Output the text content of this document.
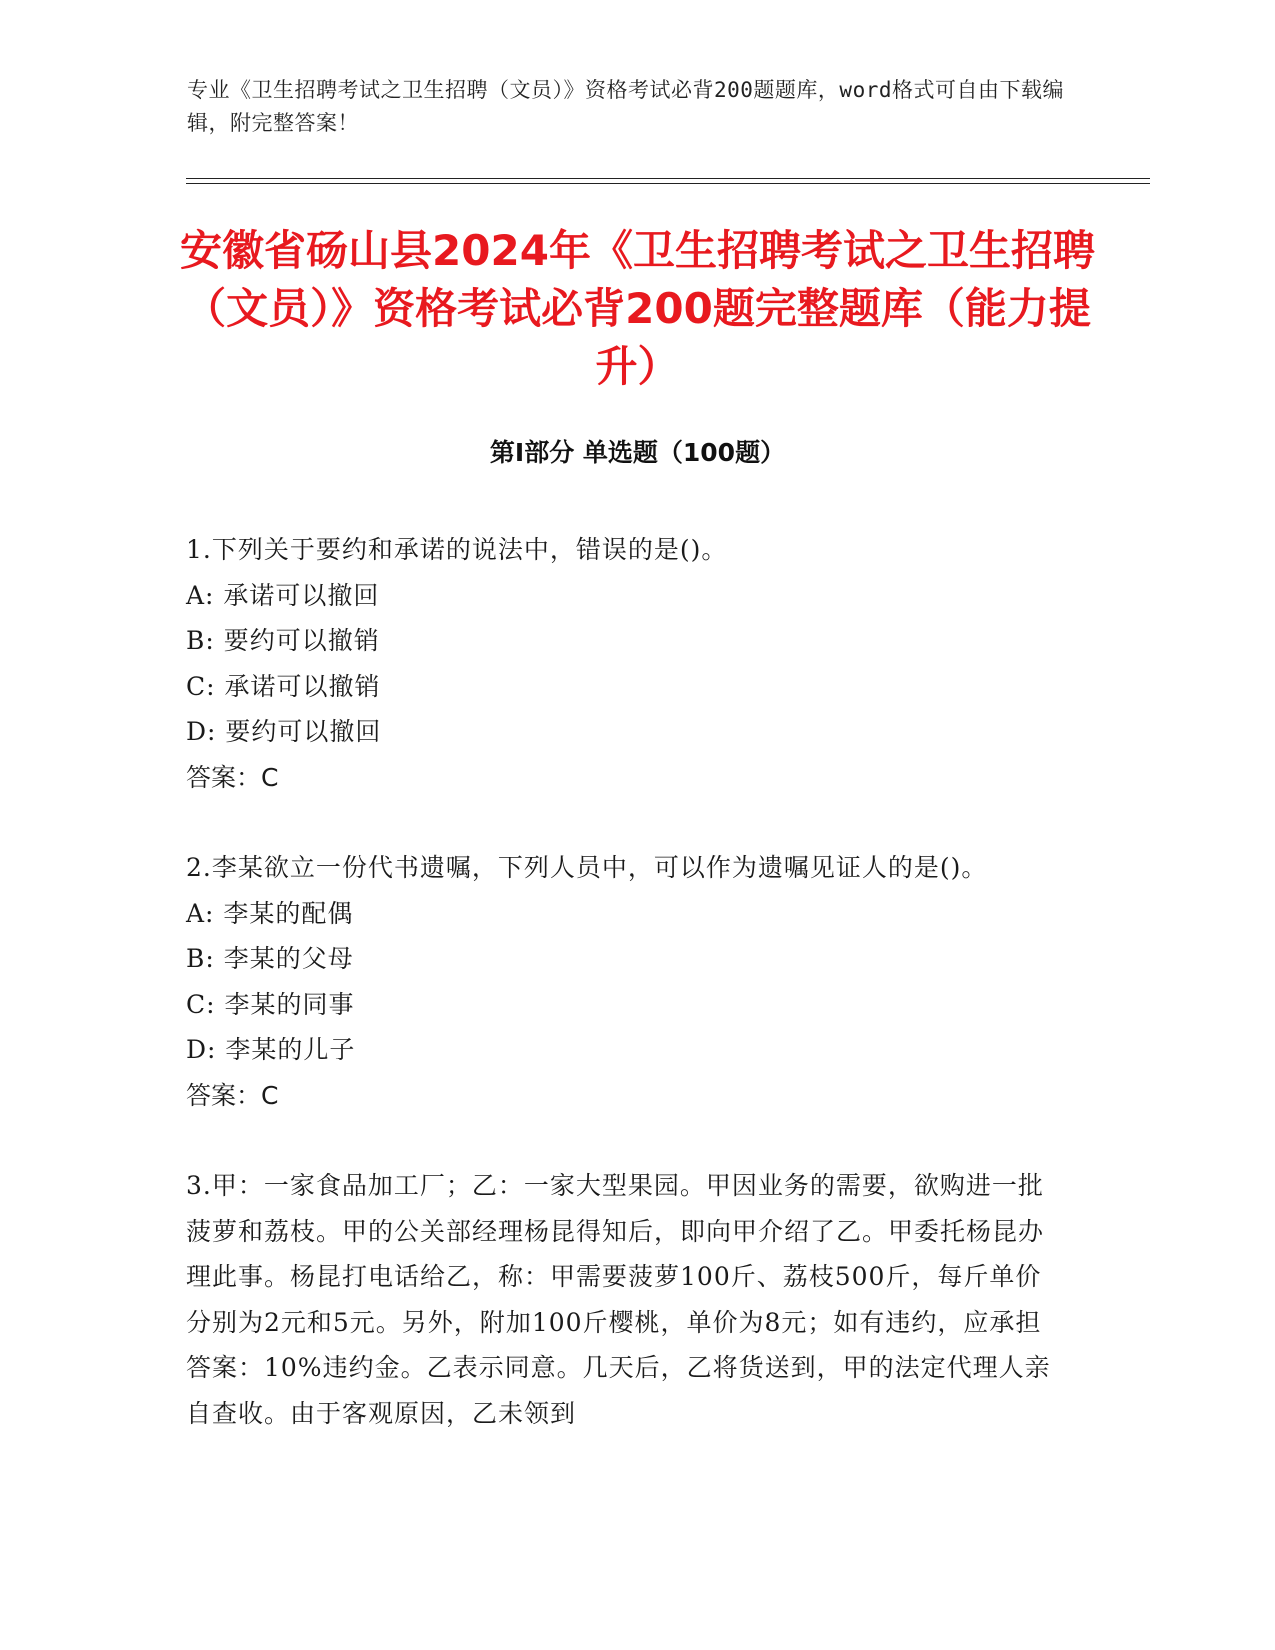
专业《卫生招聘考试之卫生招聘（文员）》资格考试必背200题题库，word格式可自由下载编辑，附完整答案！
安徽省砀山县2024年《卫生招聘考试之卫生招聘（文员）》资格考试必背200题完整题库（能力提升）
第Ⅰ部分 单选题（100题）

1.下列关于要约和承诺的说法中，错误的是()。

A: 承诺可以撤回

B: 要约可以撤销

C: 承诺可以撤销

D: 要约可以撤回

答案：C

2.李某欲立一份代书遗嘱，下列人员中，可以作为遗嘱见证人的是()。

A: 李某的配偶

B: 李某的父母

C: 李某的同事

D: 李某的儿子

答案：C

3.甲：一家食品加工厂；乙：一家大型果园。甲因业务的需要，欲购进一批菠萝和荔枝。甲的公关部经理杨昆得知后，即向甲介绍了乙。甲委托杨昆办理此事。杨昆打电话给乙，称：甲需要菠萝100斤、荔枝500斤，每斤单价分别为2元和5元。另外，附加100斤樱桃，单价为8元；如有违约，应承担答案：10%违约金。乙表示同意。几天后，乙将货送到，甲的法定代理人亲自查收。由于客观原因，乙未领到
